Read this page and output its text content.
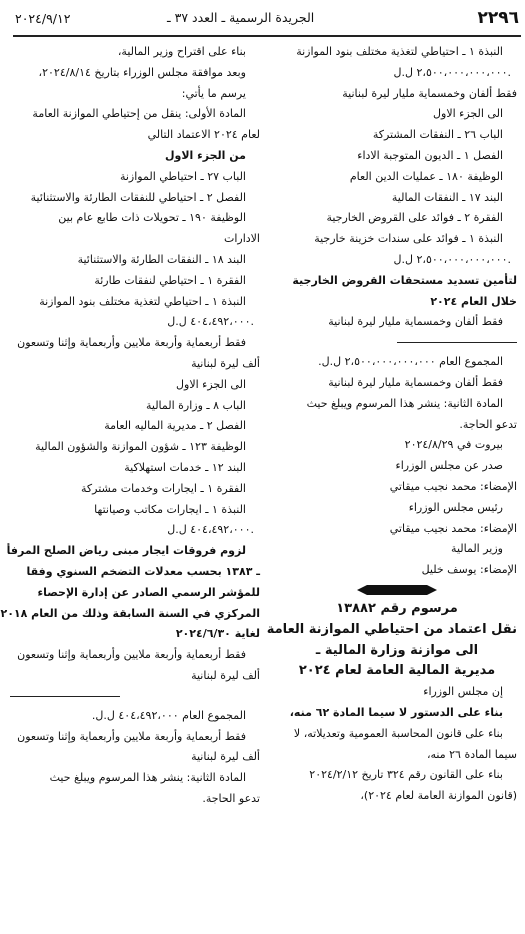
٢٢٩٦
الجريدة الرسمية ـ العدد ٣٧ ـ
٢٠٢٤/٩/١٢
النبذة ١ ـ احتياطي لتغذية مختلف بنود الموازنة
٢،٥٠٠،٠٠٠،٠٠٠،٠٠٠ ل.ل.
فقط ألفان وخمسماية مليار ليرة لبنانية
الى الجزء الاول
الباب ٢٦ ـ النفقات المشتركة
الفصل ١ ـ الديون المتوجبة الاداء
الوظيفة ١٨٠ ـ عمليات الدين العام
البند ١٧ ـ النفقات المالية
الفقرة ٢ ـ فوائد على القروض الخارجية
النبذة ١ ـ فوائد على سندات خزينة خارجية
٢،٥٠٠،٠٠٠،٠٠٠،٠٠٠ ل.ل.
لتأمين تسديد مستحقات القروض الخارجية
خلال العام ٢٠٢٤
فقط ألفان وخمسماية مليار ليرة لبنانية
المجموع العام ٢،٥٠٠،٠٠٠،٠٠٠،٠٠٠ ل.ل.
فقط ألفان وخمسماية مليار ليرة لبنانية
المادة الثانية: ينشر هذا المرسوم ويبلغ حيث
تدعو الحاجة.
بيروت في ٢٠٢٤/٨/٢٩
صدر عن مجلس الوزراء
الإمضاء: محمد نجيب ميقاتي
رئيس مجلس الوزراء
الإمضاء: محمد نجيب ميقاتي
وزير المالية
الإمضاء: يوسف خليل
مرسوم رقم ١٣٨٨٢
نقل اعتماد من احتياطي الموازنة العامة
الى موازنة وزارة المالية ـ
مديرية المالية العامة لعام ٢٠٢٤
إن مجلس الوزراء
بناء على الدستور لا سيما المادة ٦٢ منه،
بناء على قانون المحاسبة العمومية وتعديلاته، لا
سيما المادة ٢٦ منه،
بناء على القانون رقم ٣٢٤ تاريخ ٢٠٢٤/٢/١٢
(قانون الموازنة العامة لعام ٢٠٢٤)،
بناء على اقتراح وزير المالية،
وبعد موافقة مجلس الوزراء بتاريخ ٢٠٢٤/٨/١٤،
يرسم ما يأتي:
المادة الأولى: ينقل من إحتياطي الموازنة العامة
لعام ٢٠٢٤ الاعتماد التالي
من الجزء الاول
الباب ٢٧ ـ احتياطي الموازنة
الفصل ٢ ـ احتياطي للنفقات الطارئة والاستثنائية
الوظيفة ١٩٠ ـ تحويلات ذات طابع عام بين
الادارات
البند ١٨ ـ النفقات الطارئة والاستثنائية
الفقرة ١ ـ احتياطي لنفقات طارئة
النبذة ١ ـ احتياطي لتغذية مختلف بنود الموازنة
٤٠٤،٤٩٢،٠٠٠ ل.ل.
فقط أربعماية وأربعة ملايين وأربعماية وإثنا وتسعون
ألف ليرة لبنانية
الى الجزء الاول
الباب ٨ ـ وزارة المالية
الفصل ٢ ـ مديرية الماليه العامة
الوظيفة ١٢٣ ـ شؤون الموازنة والشؤون المالية
البند ١٢ ـ خدمات استهلاكية
الفقرة ١ ـ ايجارات وخدمات مشتركة
النبذة ١ ـ ايجارات مكاتب وصيانتها
٤٠٤،٤٩٢،٠٠٠ ل.ل.
لزوم فروقات ايجار مبنى رياض الصلح المرفأ
ـ ١٣٨٣ بحسب معدلات التضخم السنوي وفقا
للمؤشر الرسمي الصادر عن إدارة الإحصاء
المركزي في السنة السابقة وذلك من العام ٢٠١٨
لغاية ٢٠٢٤/٦/٣٠
فقط أربعماية وأربعة ملايين وأربعماية وإثنا وتسعون
ألف ليرة لبنانية
المجموع العام ٤٠٤،٤٩٢،٠٠٠ ل.ل.
فقط أربعماية وأربعة ملايين وأربعماية وإثنا وتسعون
ألف ليرة لبنانية
المادة الثانية: ينشر هذا المرسوم ويبلغ حيث
تدعو الحاجة.
